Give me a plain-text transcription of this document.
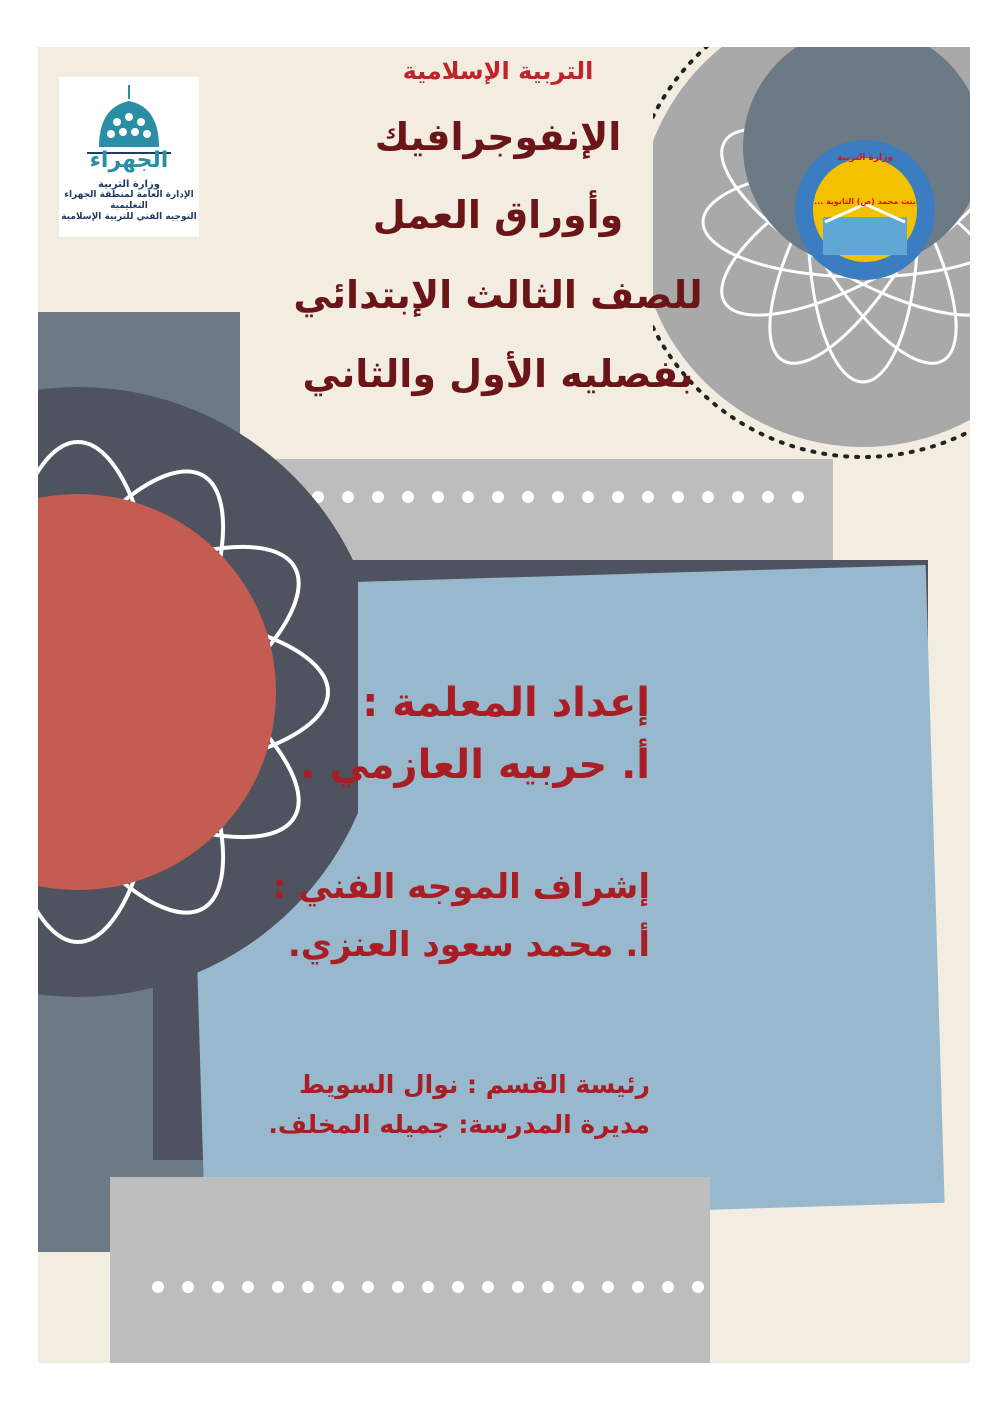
وزارة التربية
... بنت محمد (ص) الثانوية
الجهراء
وزارة التربية
الإدارة العامة لمنطقة الجهراء التعليمية
التوجيه الفني للتربية الإسلامية
التربية الإسلامية
الإنفوجرافيك
وأوراق العمل
للصف الثالث الإبتدائي
بفصليه الأول والثاني
إعداد المعلمة :
أ. حربيه العازمي .
إشراف الموجه الفني :
أ. محمد سعود العنزي.
رئيسة القسم : نوال السويط
مديرة المدرسة: جميله المخلف.
